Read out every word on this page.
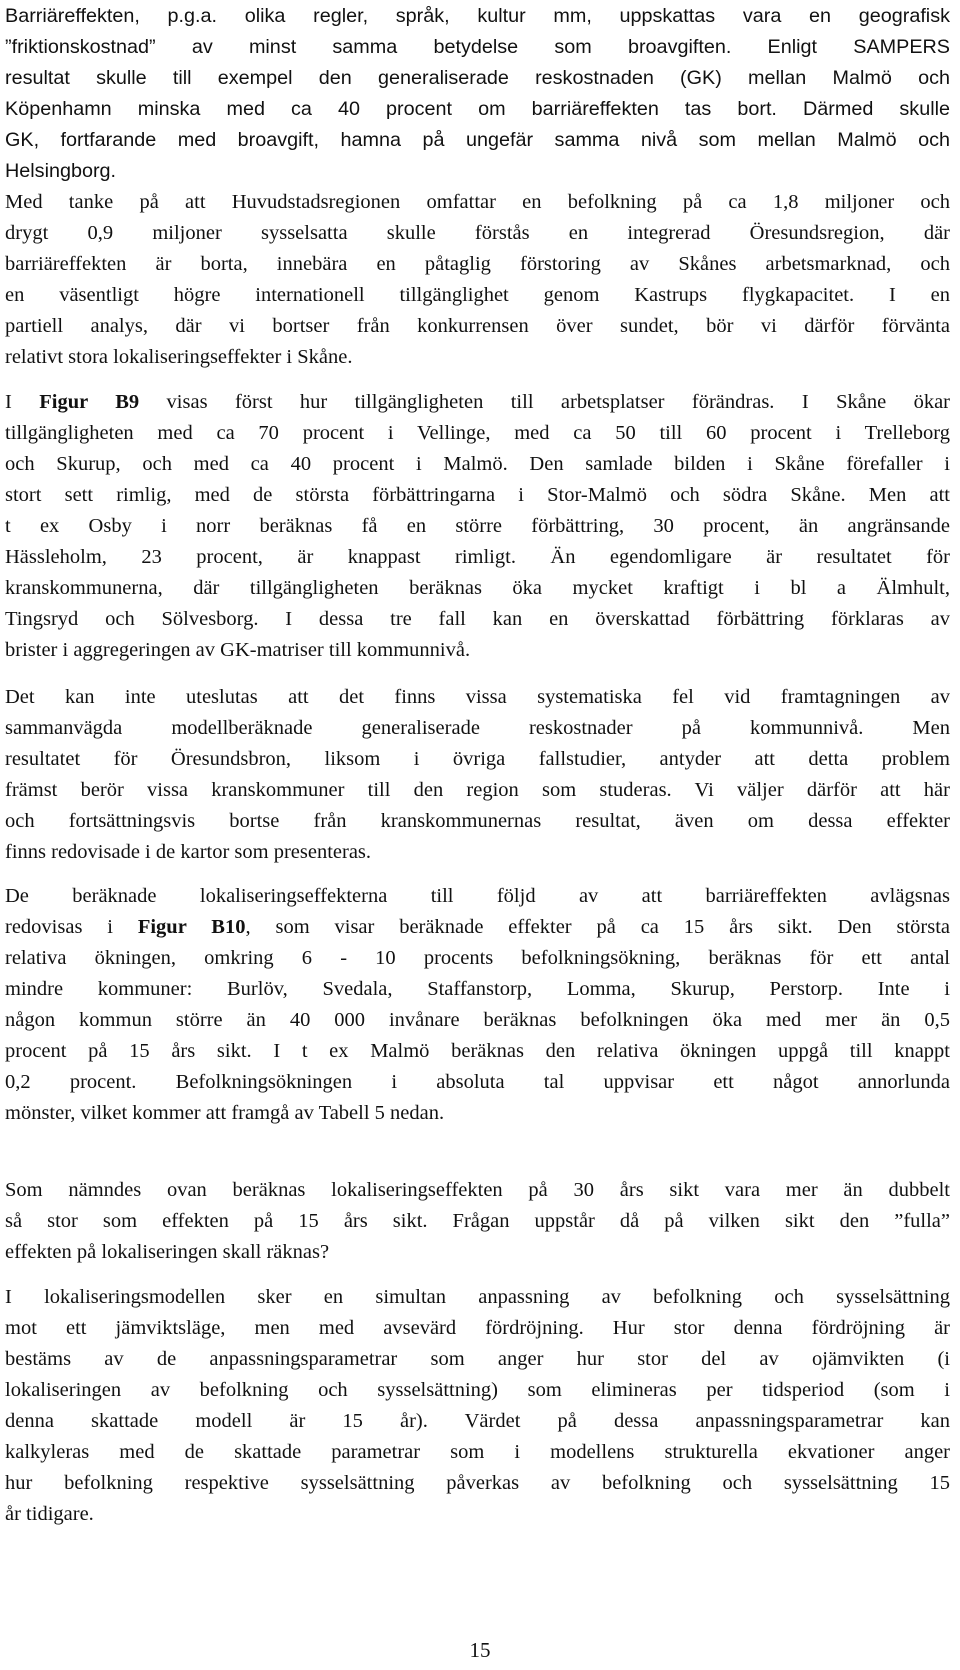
Barriäreffekten, p.g.a. olika regler, språk, kultur mm, uppskattas vara en geografisk
”friktionskostnad” av minst samma betydelse som broavgiften. Enligt SAMPERS
resultat skulle till exempel den generaliserade reskostnaden (GK) mellan Malmö och
Köpenhamn minska med ca 40 procent om barriäreffekten tas bort. Därmed skulle
GK, fortfarande med broavgift, hamna på ungefär samma nivå som mellan Malmö och
Helsingborg.
Med tanke på att Huvudstadsregionen omfattar en befolkning på ca 1,8 miljoner och
drygt 0,9 miljoner sysselsatta skulle förstås en integrerad Öresundsregion, där
barriäreffekten är borta, innebära en påtaglig förstoring av Skånes arbetsmarknad, och
en väsentligt högre internationell tillgänglighet genom Kastrups flygkapacitet. I en
partiell analys, där vi bortser från konkurrensen över sundet, bör vi därför förvänta
relativt stora lokaliseringseffekter i Skåne.
I Figur B9 visas först hur tillgängligheten till arbetsplatser förändras. I Skåne ökar
tillgängligheten med ca 70 procent i Vellinge, med ca 50 till 60 procent i Trelleborg
och Skurup, och med ca 40 procent i Malmö. Den samlade bilden i Skåne förefaller i
stort sett rimlig, med de största förbättringarna i Stor-Malmö och södra Skåne. Men att
t ex Osby i norr beräknas få en större förbättring, 30 procent, än angränsande
Hässleholm, 23 procent, är knappast rimligt. Än egendomligare är resultatet för
kranskommunerna, där tillgängligheten beräknas öka mycket kraftigt i bl a Älmhult,
Tingsryd och Sölvesborg. I dessa tre fall kan en överskattad förbättring förklaras av
brister i aggregeringen av GK-matriser till kommunnivå.
Det kan inte uteslutas att det finns vissa systematiska fel vid framtagningen av
sammanvägda modellberäknade generaliserade reskostnader på kommunnivå. Men
resultatet för Öresundsbron, liksom i övriga fallstudier, antyder att detta problem
främst berör vissa kranskommuner till den region som studeras. Vi väljer därför att här
och fortsättningsvis bortse från kranskommunernas resultat, även om dessa effekter
finns redovisade i de kartor som presenteras.
De beräknade lokaliseringseffekterna till följd av att barriäreffekten avlägsnas
redovisas i Figur B10, som visar beräknade effekter på ca 15 års sikt. Den största
relativa ökningen, omkring 6 - 10 procents befolkningsökning, beräknas för ett antal
mindre kommuner: Burlöv, Svedala, Staffanstorp, Lomma, Skurup, Perstorp. Inte i
någon kommun större än 40 000 invånare beräknas befolkningen öka med mer än 0,5
procent på 15 års sikt. I t ex Malmö beräknas den relativa ökningen uppgå till knappt
0,2 procent. Befolkningsökningen i absoluta tal uppvisar ett något annorlunda
mönster, vilket kommer att framgå av Tabell 5 nedan.
Som nämndes ovan beräknas lokaliseringseffekten på 30 års sikt vara mer än dubbelt
så stor som effekten på 15 års sikt. Frågan uppstår då på vilken sikt den ”fulla”
effekten på lokaliseringen skall räknas?
I lokaliseringsmodellen sker en simultan anpassning av befolkning och sysselsättning
mot ett jämviktsläge, men med avsevärd fördröjning. Hur stor denna fördröjning är
bestäms av de anpassningsparametrar som anger hur stor del av ojämvikten (i
lokaliseringen av befolkning och sysselsättning) som elimineras per tidsperiod (som i
denna skattade modell är 15 år). Värdet på dessa anpassningsparametrar kan
kalkyleras med de skattade parametrar som i modellens strukturella ekvationer anger
hur befolkning respektive sysselsättning påverkas av befolkning och sysselsättning 15
år tidigare.
15
